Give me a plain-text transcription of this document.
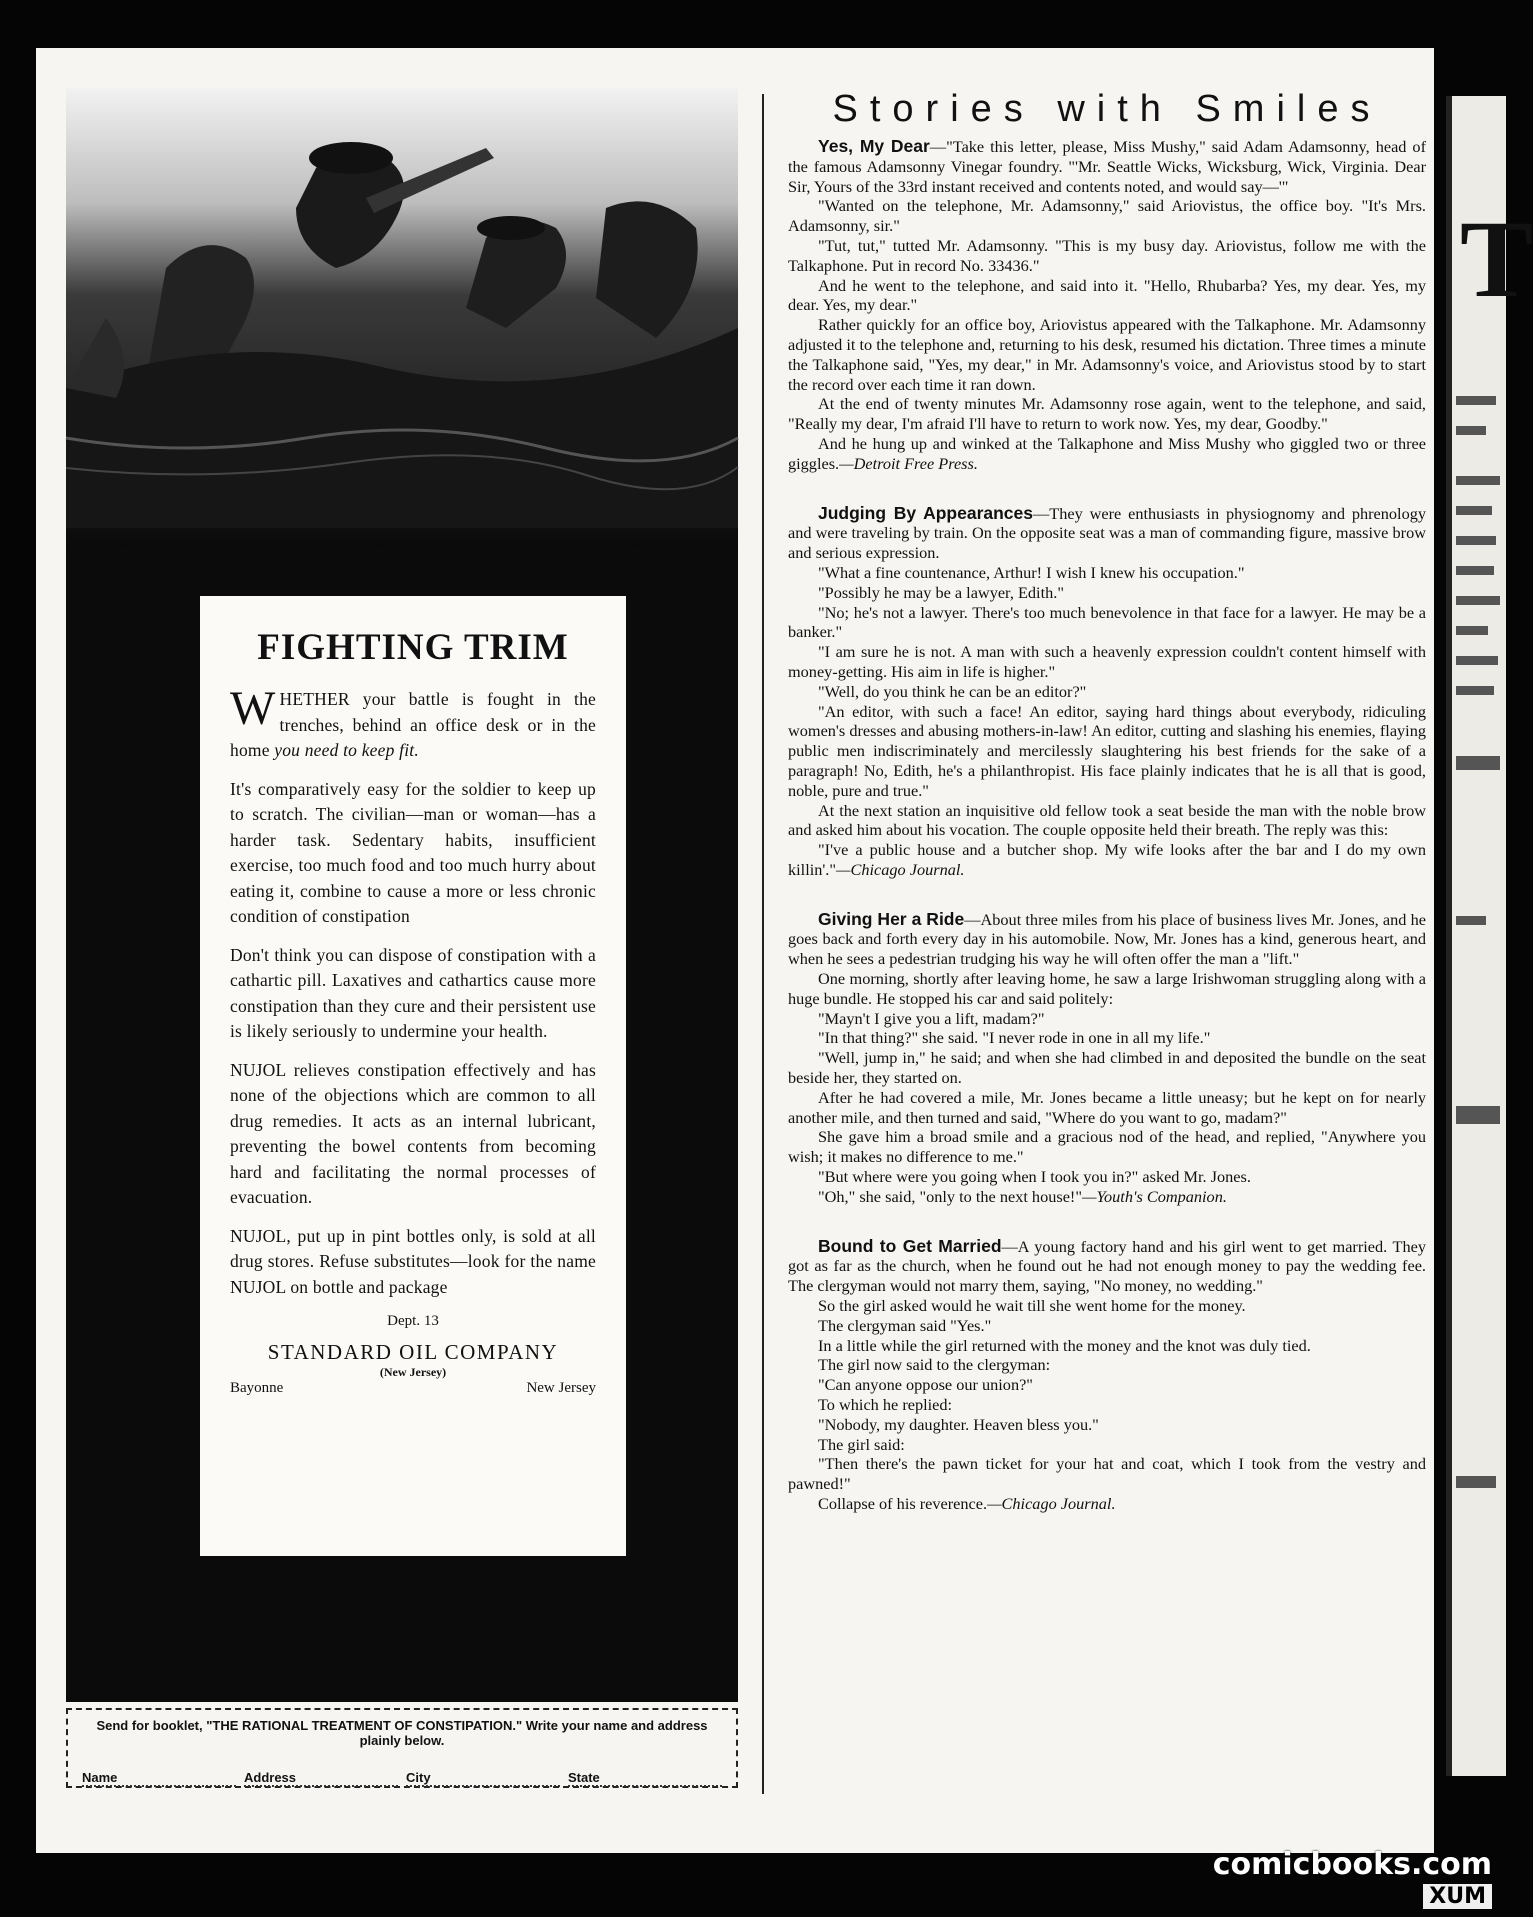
FIGHTING TRIM

WHETHER your battle is fought in the trenches, behind an office desk or in the home you need to keep fit.

It's comparatively easy for the soldier to keep up to scratch. The civilian—man or woman—has a harder task. Sedentary habits, insufficient exercise, too much food and too much hurry about eating it, combine to cause a more or less chronic condition of constipation

Don't think you can dispose of constipation with a cathartic pill. Laxatives and cathartics cause more constipation than they cure and their persistent use is likely seriously to undermine your health.

NUJOL relieves constipation effectively and has none of the objections which are common to all drug remedies. It acts as an internal lubricant, preventing the bowel contents from becoming hard and facilitating the normal processes of evacuation.

NUJOL, put up in pint bottles only, is sold at all drug stores. Refuse substitutes—look for the name NUJOL on bottle and package

Dept. 13
STANDARD OIL COMPANY
(New Jersey)
Bayonne	New Jersey
Send for booklet, "THE RATIONAL TREATMENT OF CONSTIPATION." Write your name and address plainly below.
Name	Address	City	State
Stories with Smiles

Yes, My Dear—"Take this letter, please, Miss Mushy," said Adam Adamsonny, head of the famous Adamsonny Vinegar foundry. "'Mr. Seattle Wicks, Wicksburg, Wick, Virginia. Dear Sir, Yours of the 33rd instant received and contents noted, and would say—'"

"Wanted on the telephone, Mr. Adamsonny," said Ariovistus, the office boy. "It's Mrs. Adamsonny, sir."

"Tut, tut," tutted Mr. Adamsonny. "This is my busy day. Ariovistus, follow me with the Talkaphone. Put in record No. 33436."

And he went to the telephone, and said into it. "Hello, Rhubarba? Yes, my dear. Yes, my dear. Yes, my dear."

Rather quickly for an office boy, Ariovistus appeared with the Talkaphone. Mr. Adamsonny adjusted it to the telephone and, returning to his desk, resumed his dictation. Three times a minute the Talkaphone said, "Yes, my dear," in Mr. Adamsonny's voice, and Ariovistus stood by to start the record over each time it ran down.

At the end of twenty minutes Mr. Adamsonny rose again, went to the telephone, and said, "Really my dear, I'm afraid I'll have to return to work now. Yes, my dear, Goodby."

And he hung up and winked at the Talkaphone and Miss Mushy who giggled two or three giggles.—Detroit Free Press.

Judging By Appearances—They were enthusiasts in physiognomy and phrenology and were traveling by train. On the opposite seat was a man of commanding figure, massive brow and serious expression.

"What a fine countenance, Arthur! I wish I knew his occupation."

"Possibly he may be a lawyer, Edith."

"No; he's not a lawyer. There's too much benevolence in that face for a lawyer. He may be a banker."

"I am sure he is not. A man with such a heavenly expression couldn't content himself with money-getting. His aim in life is higher."

"Well, do you think he can be an editor?"

"An editor, with such a face! An editor, saying hard things about everybody, ridiculing women's dresses and abusing mothers-in-law! An editor, cutting and slashing his enemies, flaying public men indiscriminately and mercilessly slaughtering his best friends for the sake of a paragraph! No, Edith, he's a philanthropist. His face plainly indicates that he is all that is good, noble, pure and true."

At the next station an inquisitive old fellow took a seat beside the man with the noble brow and asked him about his vocation. The couple opposite held their breath. The reply was this:

"I've a public house and a butcher shop. My wife looks after the bar and I do my own killin'."—Chicago Journal.

Giving Her a Ride—About three miles from his place of business lives Mr. Jones, and he goes back and forth every day in his automobile. Now, Mr. Jones has a kind, generous heart, and when he sees a pedestrian trudging his way he will often offer the man a "lift."

One morning, shortly after leaving home, he saw a large Irishwoman struggling along with a huge bundle. He stopped his car and said politely:

"Mayn't I give you a lift, madam?"

"In that thing?" she said. "I never rode in one in all my life."

"Well, jump in," he said; and when she had climbed in and deposited the bundle on the seat beside her, they started on.

After he had covered a mile, Mr. Jones became a little uneasy; but he kept on for nearly another mile, and then turned and said, "Where do you want to go, madam?"

She gave him a broad smile and a gracious nod of the head, and replied, "Anywhere you wish; it makes no difference to me."

"But where were you going when I took you in?" asked Mr. Jones.

"Oh," she said, "only to the next house!"—Youth's Companion.

Bound to Get Married—A young factory hand and his girl went to get married. They got as far as the church, when he found out he had not enough money to pay the wedding fee. The clergyman would not marry them, saying, "No money, no wedding."

So the girl asked would he wait till she went home for the money.

The clergyman said "Yes."

In a little while the girl returned with the money and the knot was duly tied.

The girl now said to the clergyman:

"Can anyone oppose our union?"

To which he replied:

"Nobody, my daughter. Heaven bless you."

The girl said:

"Then there's the pawn ticket for your hat and coat, which I took from the vestry and pawned!"

Collapse of his reverence.—Chicago Journal.

T
comicbooks.com
XUM
